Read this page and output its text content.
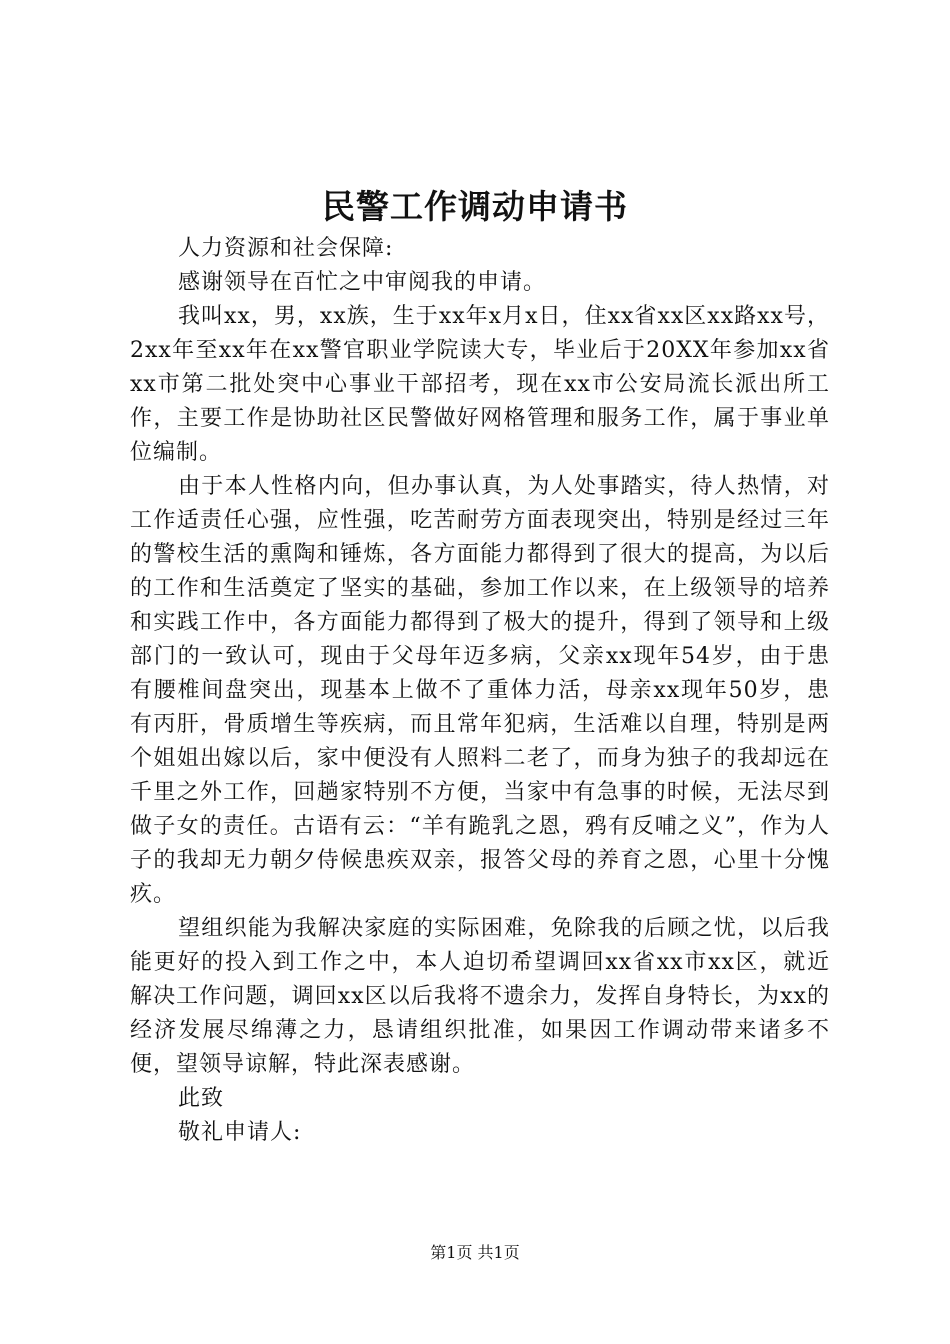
民警工作调动申请书

人力资源和社会保障:

感谢领导在百忙之中审阅我的申请。

我叫xx，男，xx族，生于xx年x月x日，住xx省xx区xx路xx号，2xx年至xx年在xx警官职业学院读大专，毕业后于20XX年参加xx省xx市第二批处突中心事业干部招考，现在xx市公安局流长派出所工作，主要工作是协助社区民警做好网格管理和服务工作，属于事业单位编制。

由于本人性格内向，但办事认真，为人处事踏实，待人热情，对工作适责任心强，应性强，吃苦耐劳方面表现突出，特别是经过三年的警校生活的熏陶和锤炼，各方面能力都得到了很大的提高，为以后的工作和生活奠定了坚实的基础，参加工作以来，在上级领导的培养和实践工作中，各方面能力都得到了极大的提升，得到了领导和上级部门的一致认可，现由于父母年迈多病，父亲xx现年54岁，由于患有腰椎间盘突出，现基本上做不了重体力活，母亲xx现年50岁，患有丙肝，骨质增生等疾病，而且常年犯病，生活难以自理，特别是两个姐姐出嫁以后，家中便没有人照料二老了，而身为独子的我却远在千里之外工作，回趟家特别不方便，当家中有急事的时候，无法尽到做子女的责任。古语有云：“羊有跪乳之恩，鸦有反哺之义”，作为人子的我却无力朝夕侍候患疾双亲，报答父母的养育之恩，心里十分愧疚。

望组织能为我解决家庭的实际困难，免除我的后顾之忧，以后我能更好的投入到工作之中，本人迫切希望调回xx省xx市xx区，就近解决工作问题，调回xx区以后我将不遗余力，发挥自身特长，为xx的经济发展尽绵薄之力，恳请组织批准，如果因工作调动带来诸多不便，望领导谅解，特此深表感谢。

此致

敬礼申请人:

第1页 共1页
